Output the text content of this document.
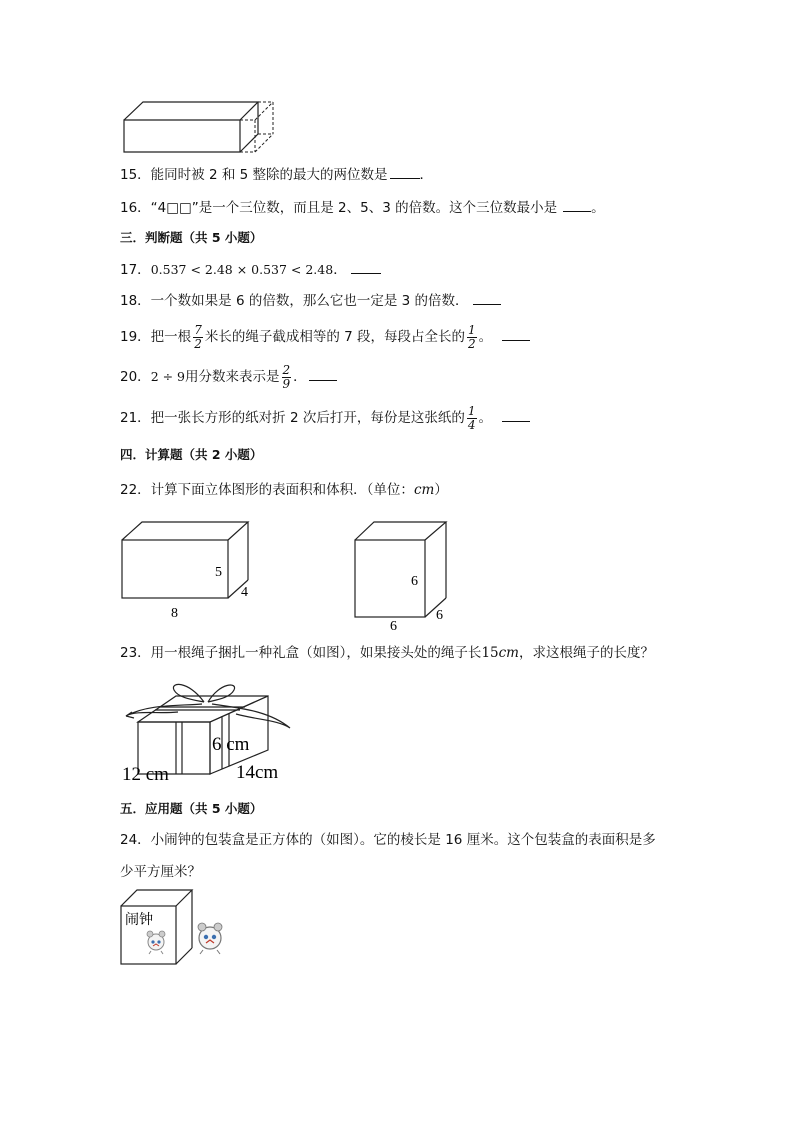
15．能同时被 2 和 5 整除的最大的两位数是 ．
16．“4□□”是一个三位数，而且是 2、5、3 的倍数。这个三位数最小是	。
三．判断题（共 5 小题）
17．0.537 < 2.48 × 0.537 < 2.48．
18．一个数如果是 6 的倍数，那么它也一定是 3 的倍数．
19．把一根 $\frac{7}{2}$ 米长的绳子截成相等的 7 段，每段占全长的 $\frac{1}{2}$ 。
20．2 ÷ 9用分数来表示是 $\frac{2}{9}$ ．
21．把一张长方形的纸对折 2 次后打开，每份是这张纸的 $\frac{1}{4}$ 。
四．计算题（共 2 小题）
22．计算下面立体图形的表面积和体积．（单位：cm）
5
4
8
6
6
6
23．用一根绳子捆扎一种礼盒（如图），如果接头处的绳子长15cm，求这根绳子的长度？
6 cm
12 cm	14cm
五．应用题（共 5 小题）
24．小闹钟的包装盒是正方体的（如图）。它的棱长是 16 厘米。这个包装盒的表面积是多
少平方厘米？
闹钟
